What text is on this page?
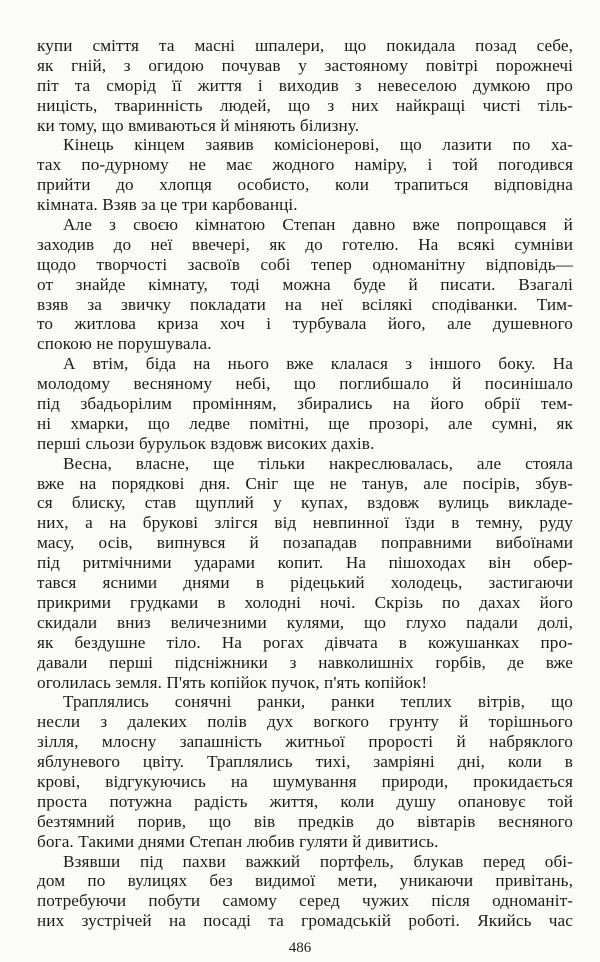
купи сміття та масні шпалери, що покидала позад себе,
як гній, з огидою почував у застояному повітрі порожнечі
піт та сморід її життя і виходив з невеселою думкою про
ницість, тваринність людей, що з них найкращі чисті тіль-
ки тому, що вмиваються й міняють білизну.
Кінець кінцем заявив комісіонерові, що лазити по ха-
тах по-дурному не має жодного наміру, і той погодився
прийти до хлопця особисто, коли трапиться відповідна
кімната. Взяв за це три карбованці.
Але з своєю кімнатою Степан давно вже попрощався й
заходив до неї ввечері, як до готелю. На всякі сумніви
щодо творчості засвоїв собі тепер одноманітну відповідь—
от знайде кімнату, тоді можна буде й писати. Взагалі
взяв за звичку покладати на неї всілякі сподіванки. Тим-
то житлова криза хоч і турбувала його, але душевного
спокою не порушувала.
А втім, біда на нього вже клалася з іншого боку. На
молодому весняному небі, що поглибшало й посинішало
під збадьорілим промінням, збирались на його обрії тем-
ні хмарки, що ледве помітні, ще прозорі, але сумні, як
перші сльози бурульок вздовж високих дахів.
Весна, власне, ще тільки накреслювалась, але стояла
вже на порядкові дня. Сніг ще не танув, але посірів, збув-
ся блиску, став щуплий у купах, вздовж вулиць викладе-
них, а на брукові злігся від невпинної їзди в темну, руду
масу, осів, випнувся й позападав поправними вибоїнами
під ритмічними ударами копит. На пішоходах він обер-
тався ясними днями в рідецький холодець, застигаючи
прикрими грудками в холодні ночі. Скрізь по дахах його
скидали вниз величезними кулями, що глухо падали долі,
як бездушне тіло. На рогах дівчата в кожушанках про-
давали перші підсніжники з навколишніх горбів, де вже
оголилась земля. П'ять копійок пучок, п'ять копійок!
Траплялись сонячні ранки, ранки теплих вітрів, що
несли з далеких полів дух вогкого грунту й торішнього
зілля, млосну запашність житньої прорості й набряклого
яблуневого цвіту. Траплялись тихі, замріяні дні, коли в
крові, відгукуючись на шумування природи, прокидається
проста потужна радість життя, коли душу опановує той
безтямний порив, що вів предків до вівтарів весняного
бога. Такими днями Степан любив гуляти й дивитись.
Взявши під пахви важкий портфель, блукав перед обі-
дом по вулицях без видимої мети, уникаючи привітань,
потребуючи побути самому серед чужих після одноманіт-
них зустрічей на посаді та громадській роботі. Якийсь час
486
